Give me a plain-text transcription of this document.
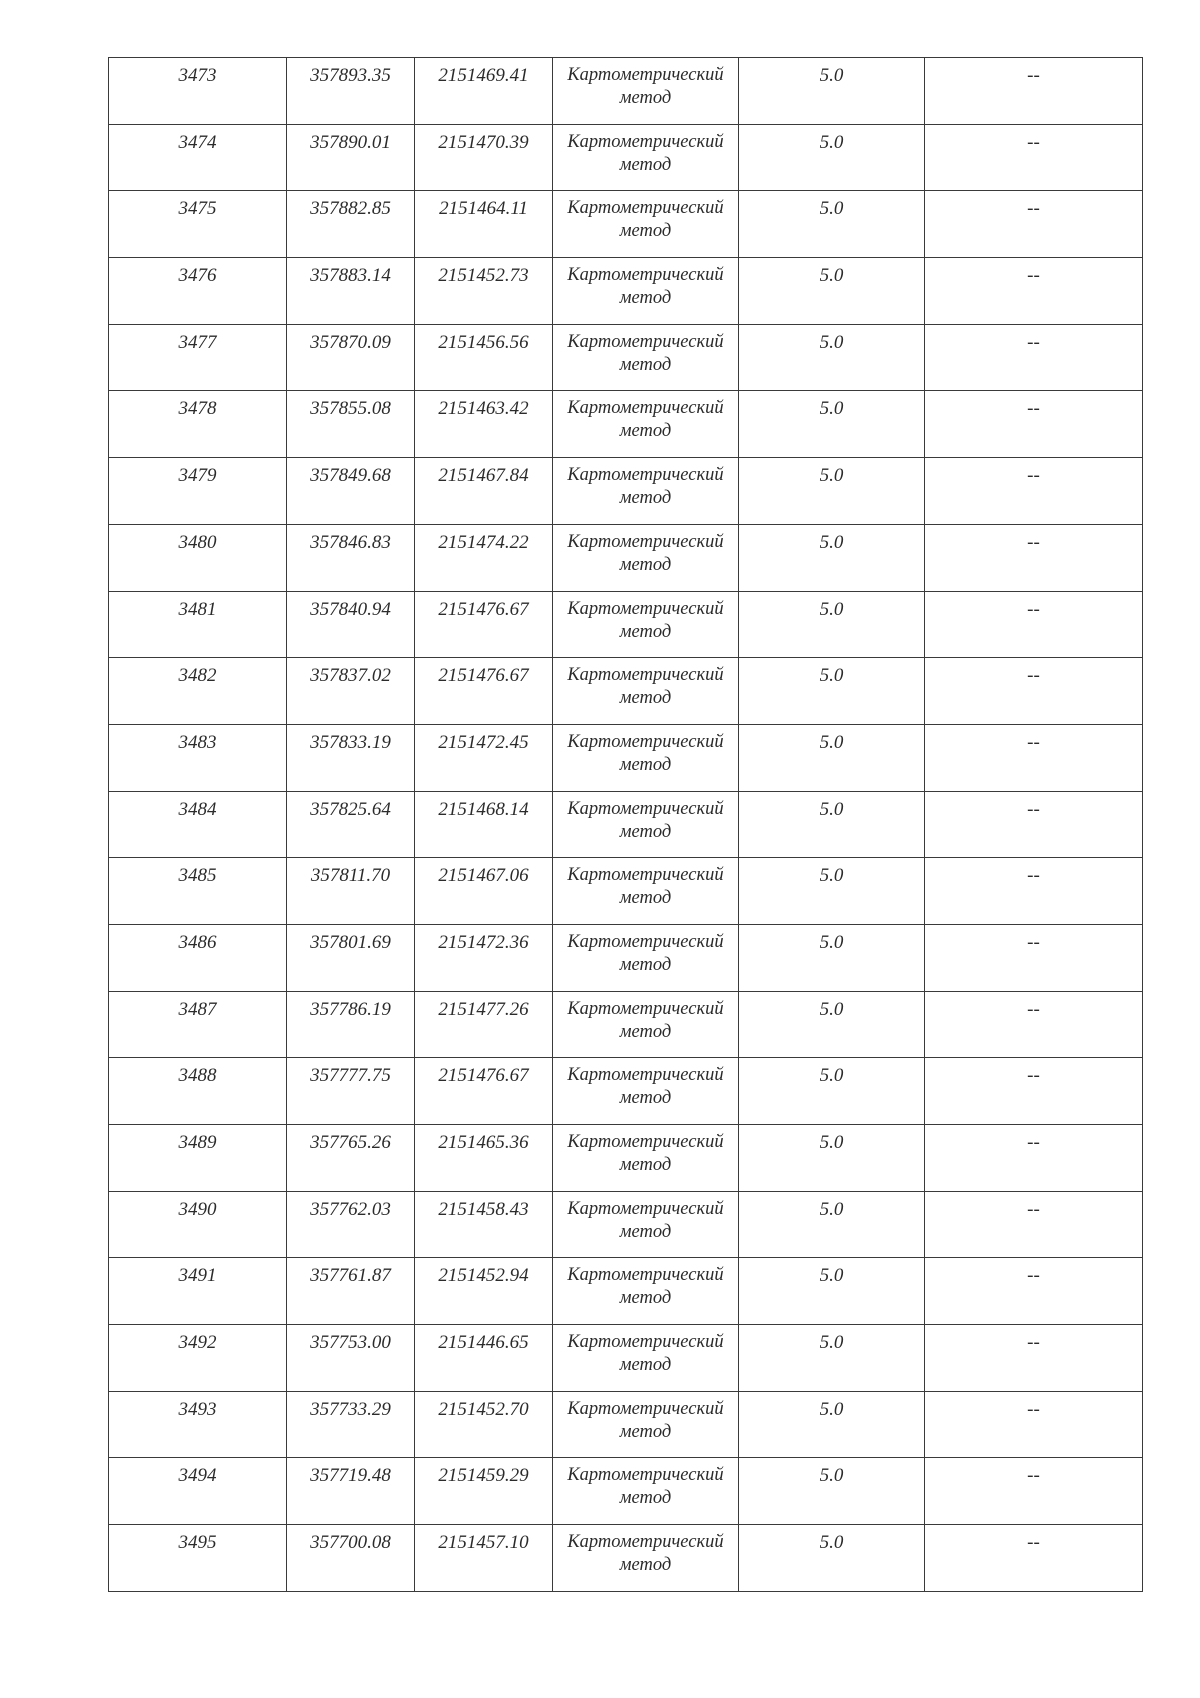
3473	357893.35	2151469.41	Картометрический метод	5.0	--
3474	357890.01	2151470.39	Картометрический метод	5.0	--
3475	357882.85	2151464.11	Картометрический метод	5.0	--
3476	357883.14	2151452.73	Картометрический метод	5.0	--
3477	357870.09	2151456.56	Картометрический метод	5.0	--
3478	357855.08	2151463.42	Картометрический метод	5.0	--
3479	357849.68	2151467.84	Картометрический метод	5.0	--
3480	357846.83	2151474.22	Картометрический метод	5.0	--
3481	357840.94	2151476.67	Картометрический метод	5.0	--
3482	357837.02	2151476.67	Картометрический метод	5.0	--
3483	357833.19	2151472.45	Картометрический метод	5.0	--
3484	357825.64	2151468.14	Картометрический метод	5.0	--
3485	357811.70	2151467.06	Картометрический метод	5.0	--
3486	357801.69	2151472.36	Картометрический метод	5.0	--
3487	357786.19	2151477.26	Картометрический метод	5.0	--
3488	357777.75	2151476.67	Картометрический метод	5.0	--
3489	357765.26	2151465.36	Картометрический метод	5.0	--
3490	357762.03	2151458.43	Картометрический метод	5.0	--
3491	357761.87	2151452.94	Картометрический метод	5.0	--
3492	357753.00	2151446.65	Картометрический метод	5.0	--
3493	357733.29	2151452.70	Картометрический метод	5.0	--
3494	357719.48	2151459.29	Картометрический метод	5.0	--
3495	357700.08	2151457.10	Картометрический метод	5.0	--
